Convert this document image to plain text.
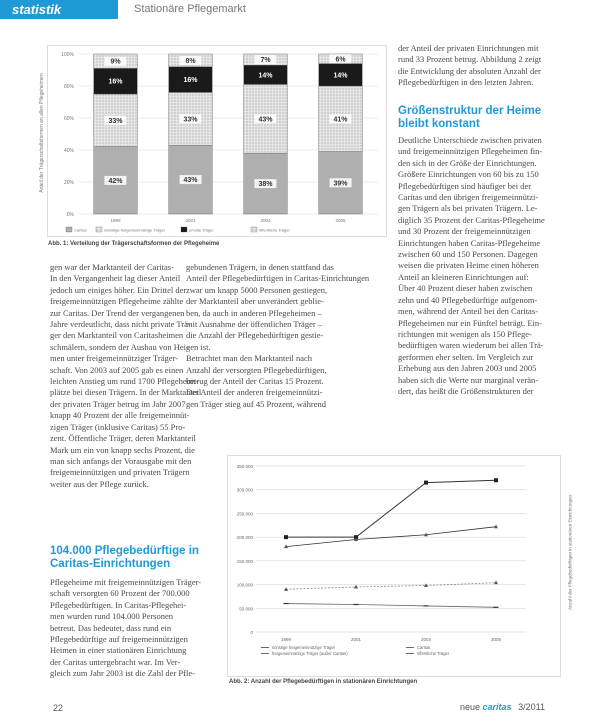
statistik	Stationäre Pflegemarkt
0%
20%
40%
60%
80%
100%
42%
33%
16%
9%
1999
43%
33%
16%
8%
2001
38%
43%
14%
7%
2003
39%
41%
14%
6%
2005
Caritas	Sonstige freigemeinnützige Träger	private Träger	öffentliche Träger
Anteil der Trägerschaftsformen an allen Pflegeheimen
Abb. 1: Verteilung der Trägerschaftsformen der Pflegeheime
gebundenen Trägern, in denen stattfand das
Anteil der Pflegebedürftigen in Caritas-Einrichtungen
zwar um knapp 5000 Personen gestiegen,
der Marktanteil aber unverändert geblie-
ben, da auch in anderen Pflegeheimen –
mit Ausnahme der öffentlichen Träger –
die Anzahl der Pflegebedürftigen gestie-
gen ist.
Betrachtet man den Marktanteil nach
Anzahl der versorgten Pflegebedürftigen,
betrug der Anteil der Caritas 15 Prozent.
Der Anteil der anderen freigemeinnützi-
gen Träger stieg auf 45 Prozent, während
gen war der Marktanteil der Caritas-
In den Vergangenheit lag dieser Anteil
jedoch um einiges höher. Ein Drittel der
freigemeinnützigen Pflegeheime zählte
zur Caritas. Der Trend der vergangenen
Jahre verdeutlicht, dass nicht private Trä-
ger den Marktanteil von Caritasheimen
schmälern, sondern der Ausbau von Hei-
men unter freigemeinnütziger Träger-
schaft. Von 2003 auf 2005 gab es einen
leichten Anstieg um rund 1700 Pflegeheim-
plätze bei diesen Trägern. In der Marktanteil
der privaten Träger betrug im Jahr 2007
knapp 40 Prozent der alle freigemeinnüt-
zigen Träger (inklusive Caritas) 55 Pro-
zent. Öffentliche Träger, deren Marktanteil
Mark um ein von knapp sechs Prozent, die
man sich anfangs der Vorausgabe mit den
freigemeinnützigen und privaten Trägern
weiter aus der Pflege zurück.
104.000 Pflegebedürftige in
Caritas-Einrichtungen
Pflegeheime mit freigemeinnützigen Träger-
schaft versorgten 60 Prozent der 700.000
Pflegebedürftigen. In Caritas-Pflegehei-
men wurden rund 104.000 Personen
betreut. Das bedeutet, dass rund ein
Pflegebedürftige auf freigemeinnützigen
Heimen in einer stationären Einrichtung
der Caritas untergebracht war. Im Ver-
gleich zum Jahr 2003 ist die Zahl der Pfle-
der Anteil der privaten Einrichtungen mit
rund 33 Prozent betrug. Abbildung 2 zeigt
die Entwicklung der absoluten Anzahl der
Pflegebedürftigen in den letzten Jahren.
Größenstruktur der Heime
bleibt konstant
Deutliche Unterschiede zwischen privaten
und freigemeinnützigen Pflegeheimen fin-
den sich in der Größe der Einrichtungen.
Größere Einrichtungen von 60 bis zu 150
Pflegebedürftigen sind häufiger bei der
Caritas und den übrigen freigemeinnützi-
gen Trägern als bei privaten Trägern. Le-
diglich 35 Prozent der Caritas-Pflegeheime
und 30 Prozent der freigemeinnützigen
Einrichtungen haben Caritas-Pflegeheime
zwischen 60 und 150 Personen. Dagegen
weisen die privaten Heime einen höheren
Anteil an kleineren Einrichtungen auf:
Über 40 Prozent dieser haben zwischen
zehn und 40 Pflegebedürftige aufgenom-
men, während der Anteil bei den Caritas-
Pflegeheimen nur ein Fünftel beträgt. Ein-
richtungen mit wenigen als 150 Pflege-
bedürftigen waren wiederum bei allen Trä-
gerformen eher selten. Im Vergleich zur
Erhebung aus den Jahren 2003 und 2005
haben sich die Werte nur marginal verän-
dert, das heißt die Größenstrukturen der
0
50.000
100.000
150.000
200.000
250.000
300.000
350.000
1999	2001	2003	2005
sonstige freigemeinnützige Träger
freigemeinnützige Träger (außer Caritas)
Caritas
öffentliche Träger
Anzahl der Pflegebedürftigen in stationären Einrichtungen
Abb. 2: Anzahl der Pflegebedürftigen in stationären Einrichtungen
22	neue caritas 3/2011
